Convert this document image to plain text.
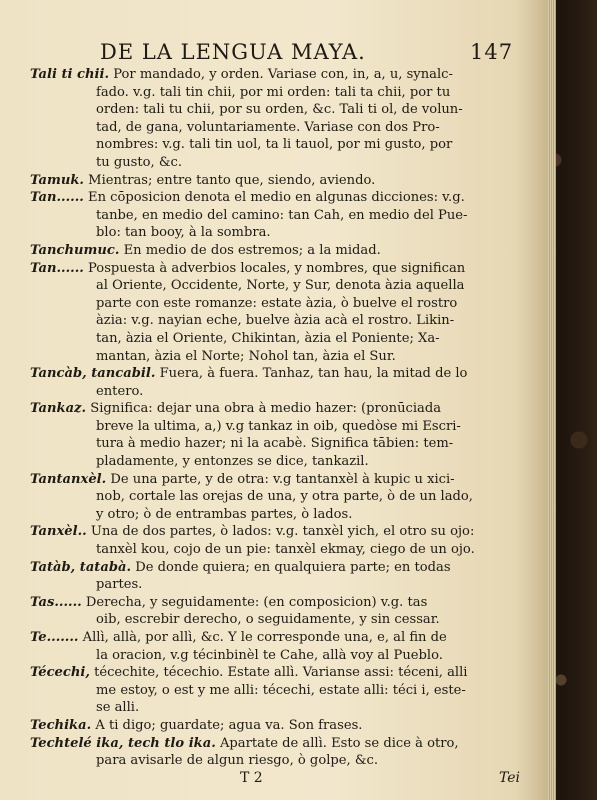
DE LA LENGUA MAYA.	147
Tali ti chii. Por mandado, y orden. Variase con, in, a, u, synalc-
fado. v.g. tali tin chii, por mi orden: tali ta chii, por tu
orden: tali tu chii, por su orden, &c. Tali ti ol, de volun-
tad, de gana, voluntariamente. Variase con dos Pro-
nombres: v.g. tali tin uol, ta li tauol, por mi gusto, por
tu gusto, &c.
Tamuk. Mientras; entre tanto que, siendo, aviendo.
Tan...... En cōposicion denota el medio en algunas dicciones: v.g.
tanbe, en medio del camino: tan Cah, en medio del Pue-
blo: tan booy, à la sombra.
Tanchumuc. En medio de dos estremos; a la midad.
Tan...... Pospuesta à adverbios locales, y nombres, que significan
al Oriente, Occidente, Norte, y Sur, denota àzia aquella
parte con este romanze: estate àzia, ò buelve el rostro
àzia: v.g. nayian eche, buelve àzia acà el rostro. Likin-
tan, àzia el Oriente, Chikintan, àzia el Poniente; Xa-
mantan, àzia el Norte; Nohol tan, àzia el Sur.
Tancàb, tancabil. Fuera, à fuera. Tanhaz, tan hau, la mitad de lo
entero.
Tankaz. Significa: dejar una obra à medio hazer: (pronūciada
breve la ultima, a,) v.g tankaz in oib, quedòse mi Escri-
tura à medio hazer; ni la acabè. Significa tābien: tem-
pladamente, y entonzes se dice, tankazil.
Tantanxèl. De una parte, y de otra: v.g tantanxèl à kupic u xici-
nob, cortale las orejas de una, y otra parte, ò de un lado,
y otro; ò de entrambas partes, ò lados.
Tanxèl.. Una de dos partes, ò lados: v.g. tanxèl yich, el otro su ojo:
tanxèl kou, cojo de un pie: tanxèl ekmay, ciego de un ojo.
Tatàb, tatabà. De donde quiera; en qualquiera parte; en todas
partes.
Tas...... Derecha, y seguidamente: (en composicion) v.g. tas
oib, escrebir derecho, o seguidamente, y sin cessar.
Te....... Allì, allà, por allì, &c. Y le corresponde una, e, al fin de
la oracion, v.g técinbinèl te Cahe, allà voy al Pueblo.
Técechi, técechite, técechio. Estate allì. Varianse assi: téceni, alli
me estoy, o est y me alli: técechi, estate alli: téci i, este-
se alli.
Techika. A ti digo; guardate; agua va. Son frases.
Techtelé ika, tech tlo ika. Apartate de allì. Esto se dice à otro,
para avisarle de algun riesgo, ò golpe, &c.
T 2	Tei
